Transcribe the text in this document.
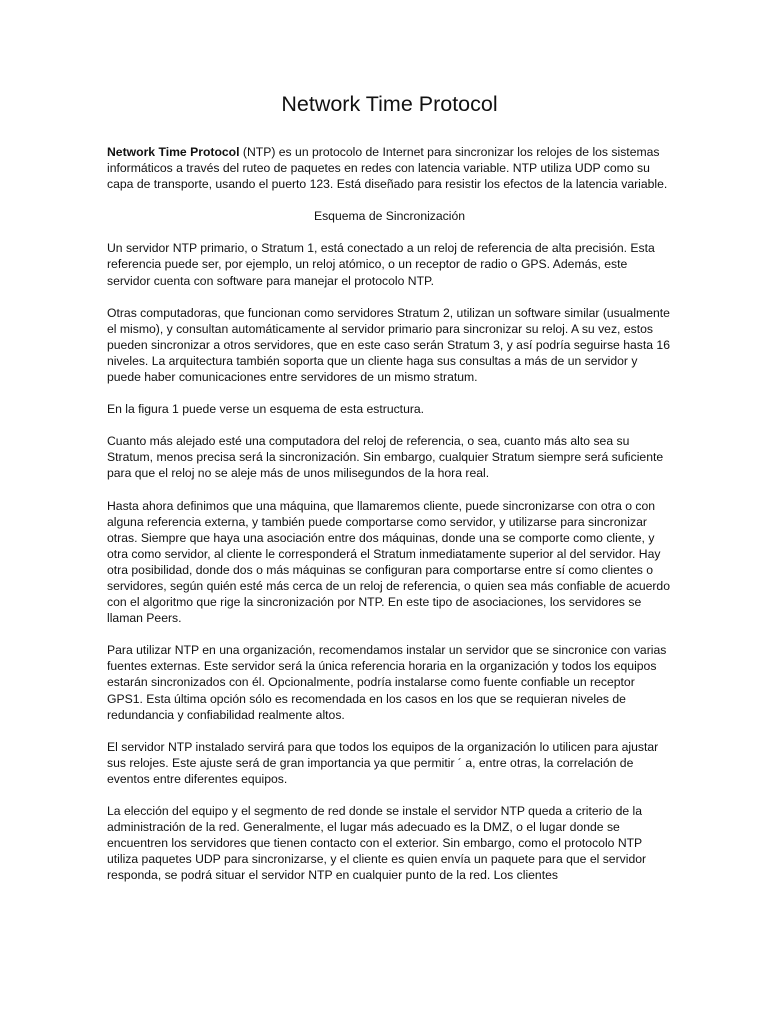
Network Time Protocol

Network Time Protocol (NTP) es un protocolo de Internet para sincronizar los relojes de los sistemas informáticos a través del ruteo de paquetes en redes con latencia variable. NTP utiliza UDP como su capa de transporte, usando el puerto 123. Está diseñado para resistir los efectos de la latencia variable.

Esquema de Sincronización

Un servidor NTP primario, o Stratum 1, está conectado a un reloj de referencia de alta precisión. Esta referencia puede ser, por ejemplo, un reloj atómico, o un receptor de radio o GPS. Además, este servidor cuenta con software para manejar el protocolo NTP.

Otras computadoras, que funcionan como servidores Stratum 2, utilizan un software similar (usualmente el mismo), y consultan automáticamente al servidor primario para sincronizar su reloj. A su vez, estos pueden sincronizar a otros servidores, que en este caso serán Stratum 3, y así podría seguirse hasta 16 niveles. La arquitectura también soporta que un cliente haga sus consultas a más de un servidor y puede haber comunicaciones entre servidores de un mismo stratum.

En la figura 1 puede verse un esquema de esta estructura.

Cuanto más alejado esté una computadora del reloj de referencia, o sea, cuanto más alto sea su Stratum, menos precisa será la sincronización. Sin embargo, cualquier Stratum siempre será suficiente para que el reloj no se aleje más de unos milisegundos de la hora real.

Hasta ahora definimos que una máquina, que llamaremos cliente, puede sincronizarse con otra o con alguna referencia externa, y también puede comportarse como servidor, y utilizarse para sincronizar otras. Siempre que haya una asociación entre dos máquinas, donde una se comporte como cliente, y otra como servidor, al cliente le corresponderá el Stratum inmediatamente superior al del servidor. Hay otra posibilidad, donde dos o más máquinas se configuran para comportarse entre sí como clientes o servidores, según quién esté más cerca de un reloj de referencia, o quien sea más confiable de acuerdo con el algoritmo que rige la sincronización por NTP. En este tipo de asociaciones, los servidores se llaman Peers.

Para utilizar NTP en una organización, recomendamos instalar un servidor que se sincronice con varias fuentes externas. Este servidor será la única referencia horaria en la organización y todos los equipos estarán sincronizados con él. Opcionalmente, podría instalarse como fuente confiable un receptor GPS1. Esta última opción sólo es recomendada en los casos en los que se requieran niveles de redundancia y confiabilidad realmente altos.

El servidor NTP instalado servirá para que todos los equipos de la organización lo utilicen para ajustar sus relojes. Este ajuste será de gran importancia ya que permitir ´ a, entre otras, la correlación de eventos entre diferentes equipos.

La elección del equipo y el segmento de red donde se instale el servidor NTP queda a criterio de la administración de la red. Generalmente, el lugar más adecuado es la DMZ, o el lugar donde se encuentren los servidores que tienen contacto con el exterior. Sin embargo, como el protocolo NTP utiliza paquetes UDP para sincronizarse, y el cliente es quien envía un paquete para que el servidor responda, se podrá situar el servidor NTP en cualquier punto de la red. Los clientes
